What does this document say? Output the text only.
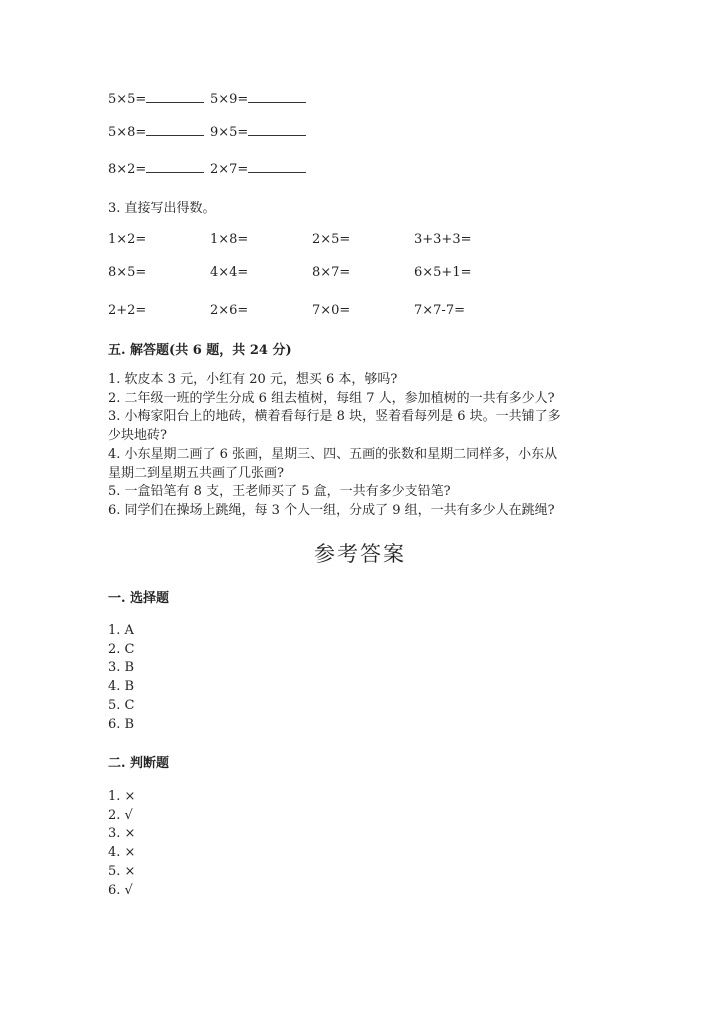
3. 直接写出得数。
五. 解答题(共 6 题，共 24 分)
参考答案
一. 选择题
二. 判断题
5×5=	5×9=
5×8=	9×5=
8×2=	2×7=
1×2=	1×8=	2×5=	3+3+3=
8×5=	4×4=	8×7=	6×5+1=
2+2=	2×6=	7×0=	7×7-7=
1. 软皮本 3 元，小红有 20 元，想买 6 本，够吗?
2. 二年级一班的学生分成 6 组去植树，每组 7 人，参加植树的一共有多少人?
3. 小梅家阳台上的地砖，横着看每行是 8 块，竖着看每列是 6 块。一共铺了多
少块地砖?
4. 小东星期二画了 6 张画，星期三、四、五画的张数和星期二同样多，小东从
星期二到星期五共画了几张画?
5. 一盒铅笔有 8 支，王老师买了 5 盒，一共有多少支铅笔?
6. 同学们在操场上跳绳，每 3 个人一组，分成了 9 组，一共有多少人在跳绳?
1. A
2. C
3. B
4. B
5. C
6. B
1. ×
2. √
3. ×
4. ×
5. ×
6. √
